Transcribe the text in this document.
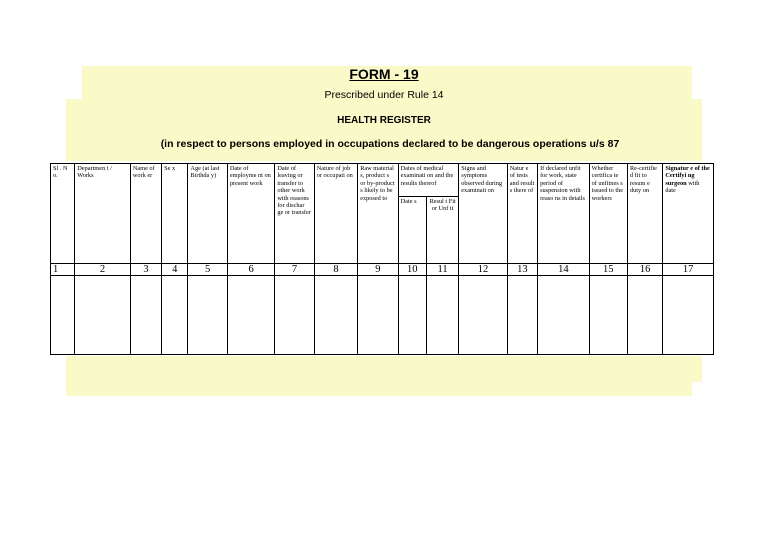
FORM - 19
Prescribed under Rule 14
HEALTH REGISTER
(in respect to persons employed in occupations declared to be dangerous operations u/s 87
Sl . N o.	Departmen t / Works	Name of work er	Se x	Age (at last Birthda y)	Date of employme nt on present work	Date of leaving or transfer to other work with reasons for dischar ge or transfer	Nature of job or occupati on	Raw material s, product s or by-product s likely to be exposed to	Dates of medical examinati on and the results thereof		Signs and symptoms observed during examinati on	Natur e of tests and result s there of	If declared unfit for work, state period of suspension with reaso ns in details	Whether certifica te of unfitnes s issued to the workers	Re-certifie d fit to resum e duty on	Signatur e of the Certifyi ng surgeon with date
									Date s	Resul t Fit or Unf it						
1	2	3	4	5	6	7	8	9	10	11	12	13	14	15	16	17
